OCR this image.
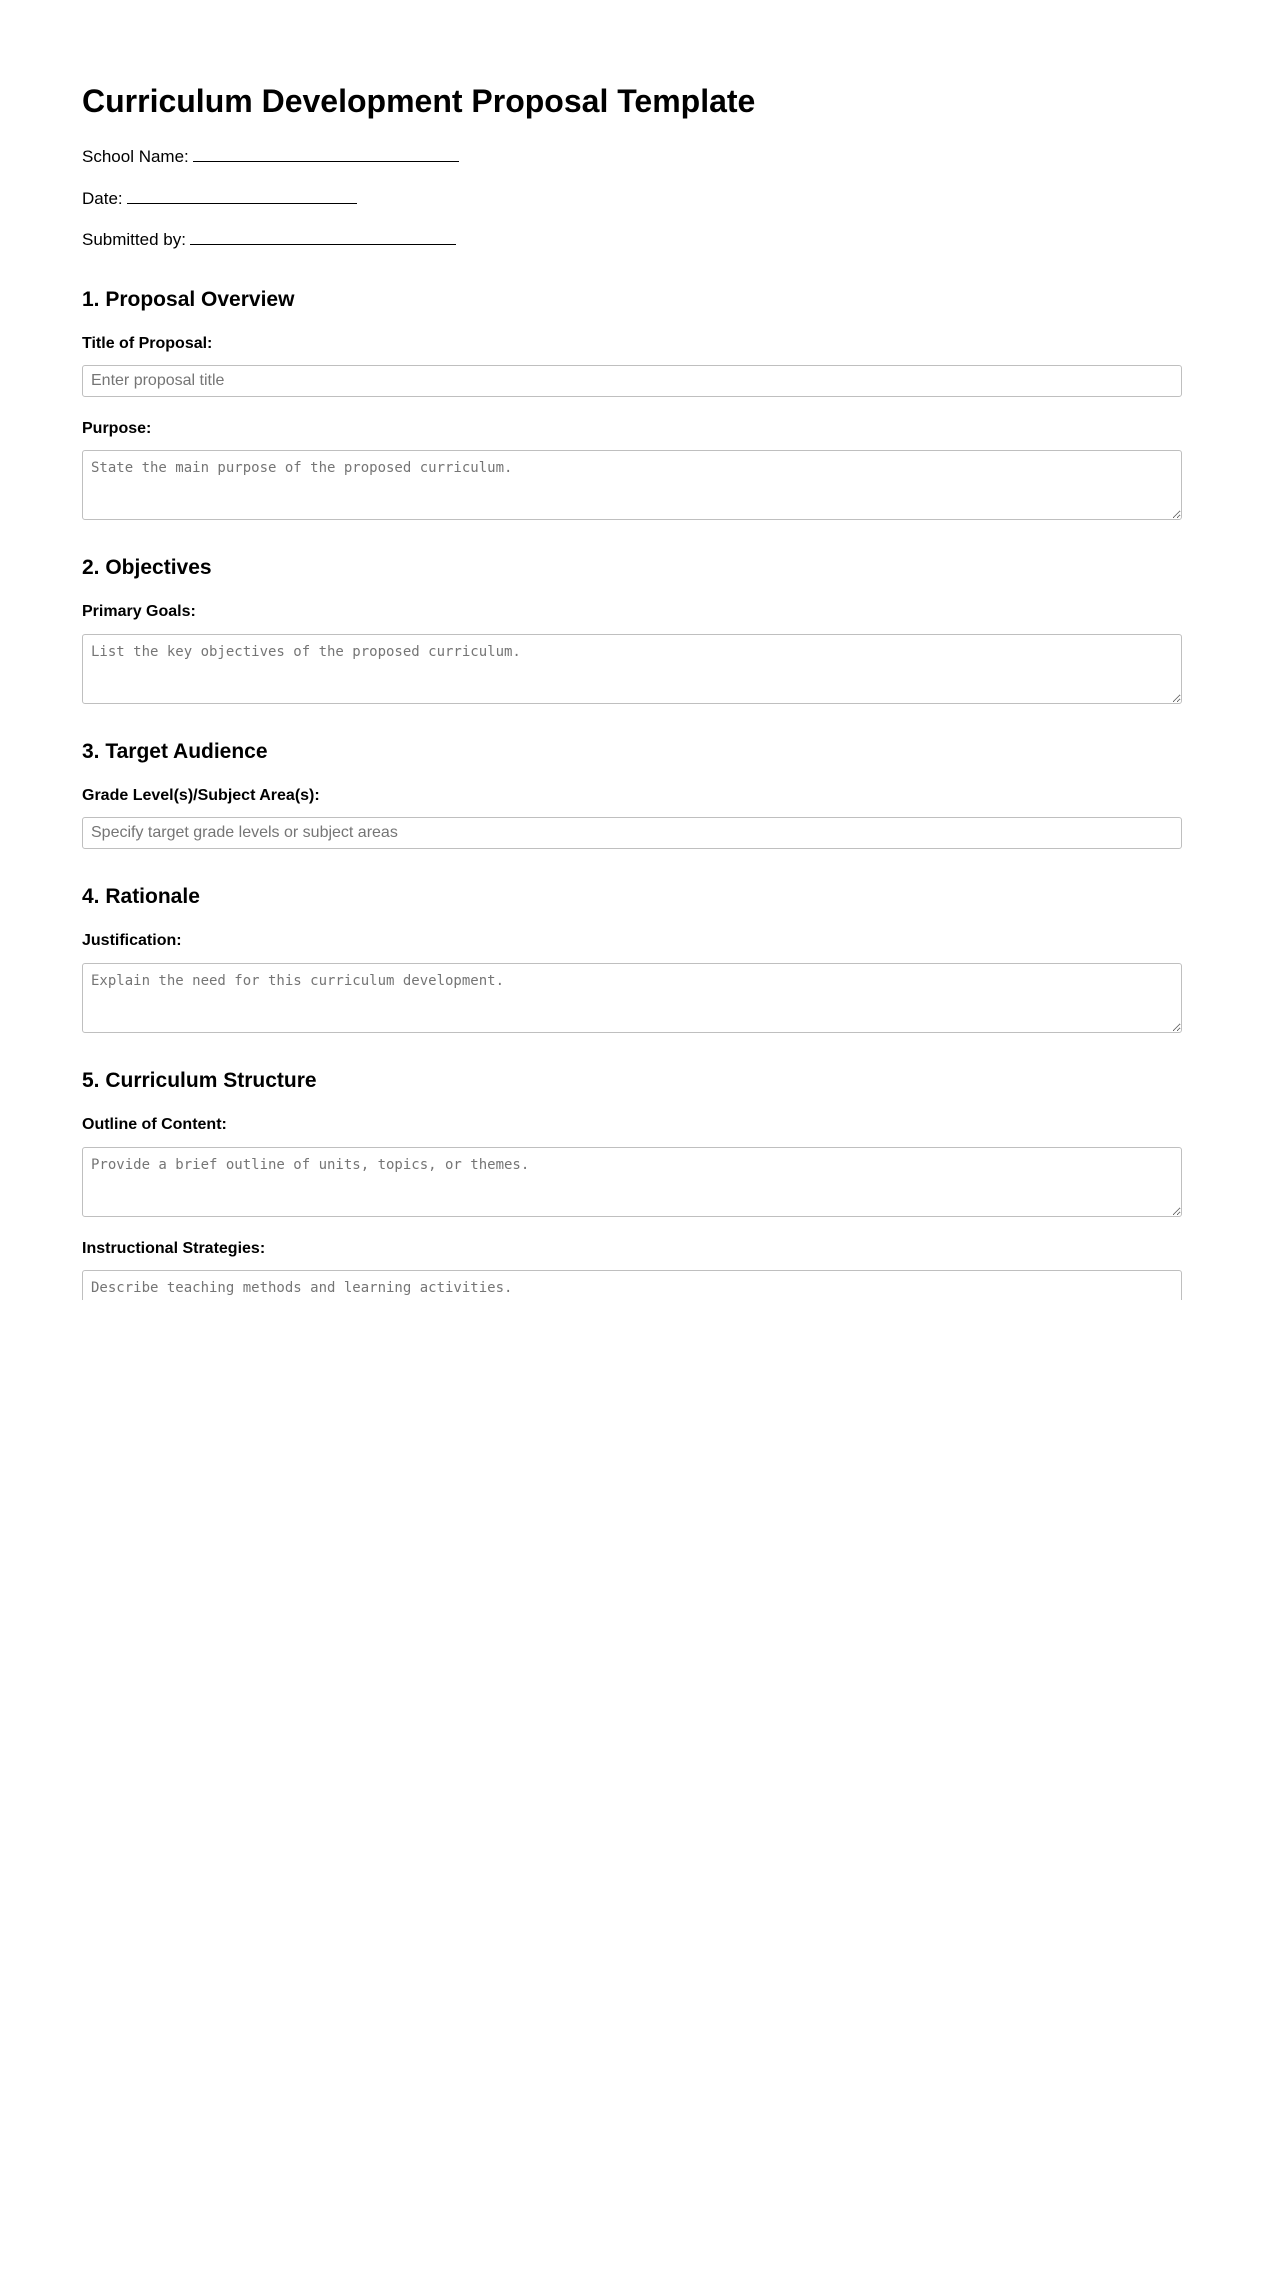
Curriculum Development Proposal Template
School Name:
Date:
Submitted by:
1. Proposal Overview
Title of Proposal:
Enter proposal title
Purpose:
State the main purpose of the proposed curriculum.
2. Objectives
Primary Goals:
List the key objectives of the proposed curriculum.
3. Target Audience
Grade Level(s)/Subject Area(s):
Specify target grade levels or subject areas
4. Rationale
Justification:
Explain the need for this curriculum development.
5. Curriculum Structure
Outline of Content:
Provide a brief outline of units, topics, or themes.
Instructional Strategies:
Describe teaching methods and learning activities.
